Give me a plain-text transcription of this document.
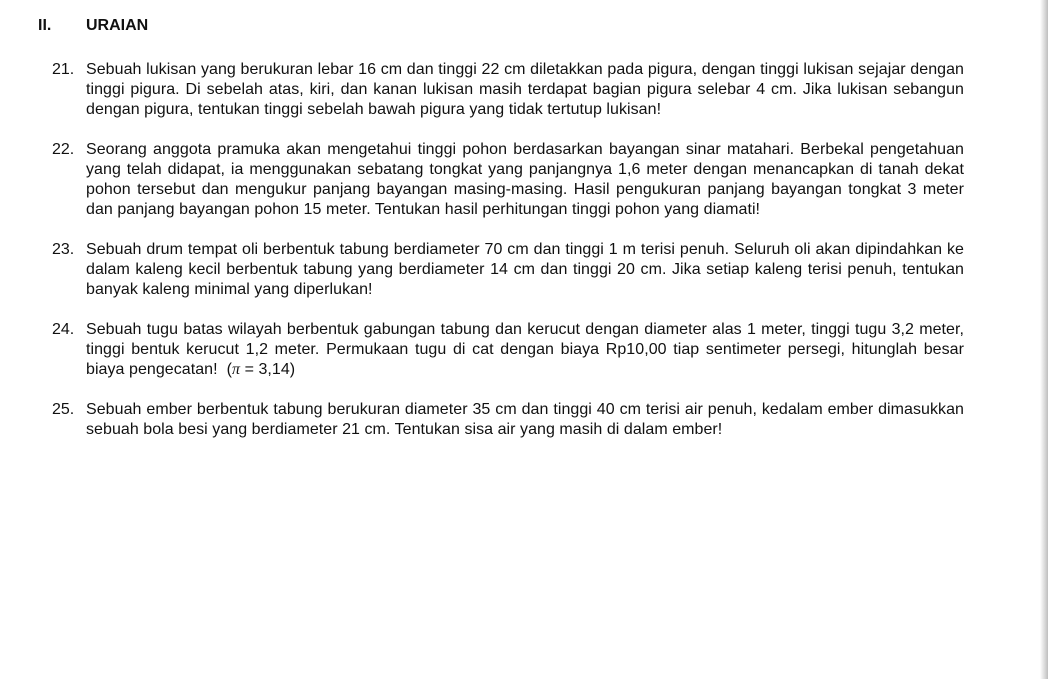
II.	URAIAN
21. Sebuah lukisan yang berukuran lebar 16 cm dan tinggi 22 cm diletakkan pada pigura, dengan tinggi lukisan sejajar dengan tinggi pigura. Di sebelah atas, kiri, dan kanan lukisan masih terdapat bagian pigura selebar 4 cm. Jika lukisan sebangun dengan pigura, tentukan tinggi sebelah bawah pigura yang tidak tertutup lukisan!
22. Seorang anggota pramuka akan mengetahui tinggi pohon berdasarkan bayangan sinar matahari. Berbekal pengetahuan yang telah didapat, ia menggunakan sebatang tongkat yang panjangnya 1,6 meter dengan menancapkan di tanah dekat pohon tersebut dan mengukur panjang bayangan masing-masing. Hasil pengukuran panjang bayangan tongkat 3 meter dan panjang bayangan pohon 15 meter. Tentukan hasil perhitungan tinggi pohon yang diamati!
23. Sebuah drum tempat oli berbentuk tabung berdiameter 70 cm dan tinggi 1 m terisi penuh. Seluruh oli akan dipindahkan ke dalam kaleng kecil berbentuk tabung yang berdiameter 14 cm dan tinggi 20 cm. Jika setiap kaleng terisi penuh, tentukan banyak kaleng minimal yang diperlukan!
24. Sebuah tugu batas wilayah berbentuk gabungan tabung dan kerucut dengan diameter alas 1 meter, tinggi tugu 3,2 meter, tinggi bentuk kerucut 1,2 meter. Permukaan tugu di cat dengan biaya Rp10,00 tiap sentimeter persegi, hitunglah besar biaya pengecatan!  (π = 3,14)
25. Sebuah ember berbentuk tabung berukuran diameter 35 cm dan tinggi 40 cm terisi air penuh, kedalam ember dimasukkan sebuah bola besi yang berdiameter 21 cm. Tentukan sisa air yang masih di dalam ember!
